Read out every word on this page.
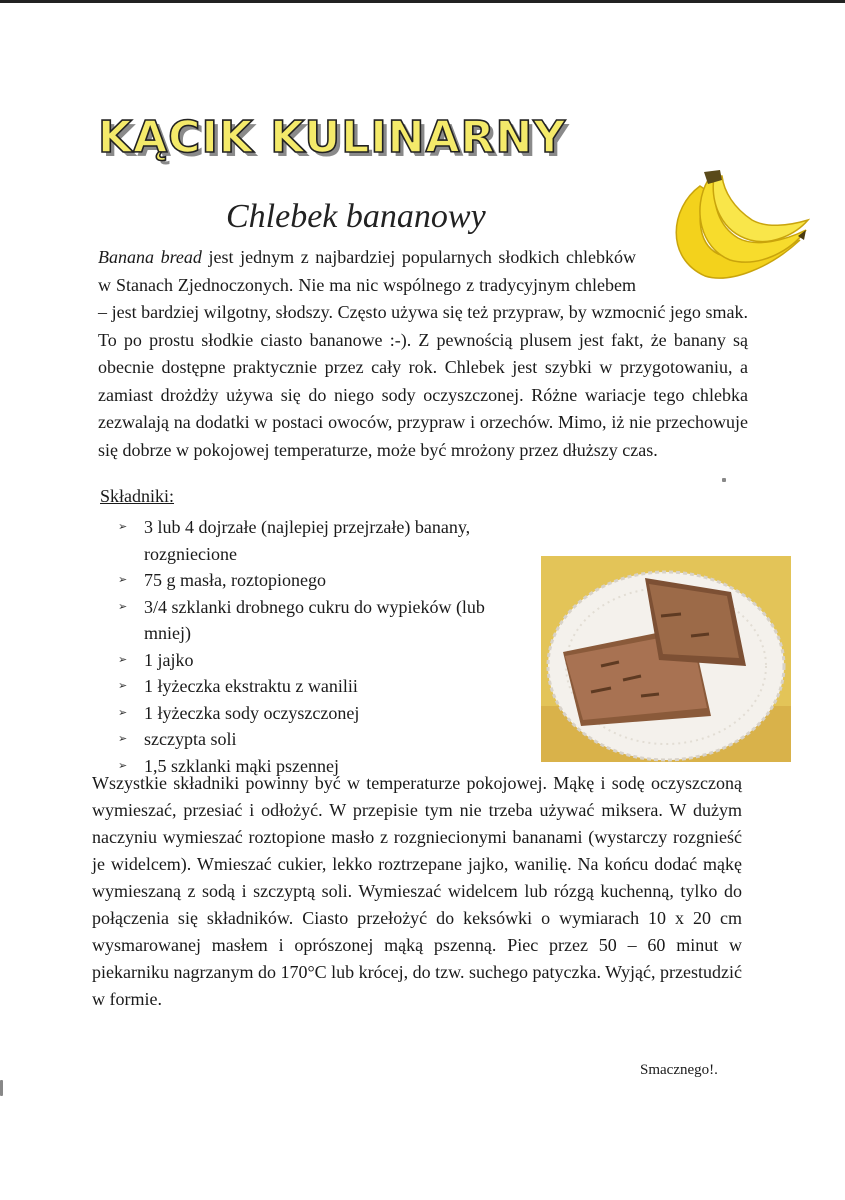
KĄCIK KULINARNY
Chlebek bananowy

Banana bread jest jednym z najbardziej popularnych słodkich chlebków w Stanach Zjednoczonych. Nie ma nic wspólnego z tradycyjnym chlebem – jest bardziej wilgotny, słodszy. Często używa się też przypraw, by wzmocnić jego smak. To po prostu słodkie ciasto bananowe :-). Z pewnością plusem jest fakt, że banany są obecnie dostępne praktycznie przez cały rok. Chlebek jest szybki w przygotowaniu, a zamiast drożdży używa się do niego sody oczyszczonej. Różne wariacje tego chlebka zezwalają na dodatki w postaci owoców, przypraw i orzechów. Mimo, iż nie przechowuje się dobrze w pokojowej temperaturze, może być mrożony przez dłuższy czas.

Składniki:
➢ 3 lub 4 dojrzałe (najlepiej przejrzałe) banany, rozgniecione
➢ 75 g masła, roztopionego
➢ 3/4 szklanki drobnego cukru do wypieków (lub mniej)
➢ 1 jajko
➢ 1 łyżeczka ekstraktu z wanilii
➢ 1 łyżeczka sody oczyszczonej
➢ szczypta soli
➢ 1,5 szklanki mąki pszennej

Wszystkie składniki powinny być w temperaturze pokojowej. Mąkę i sodę oczyszczoną wymieszać, przesiać i odłożyć. W przepisie tym nie trzeba używać miksera. W dużym naczyniu wymieszać roztopione masło z rozgniecionymi bananami (wystarczy rozgnieść je widelcem). Wmieszać cukier, lekko roztrzepane jajko, wanilię. Na końcu dodać mąkę wymieszaną z sodą i szczyptą soli. Wymieszać widelcem lub rózgą kuchenną, tylko do połączenia się składników. Ciasto przełożyć do keksówki o wymiarach 10 x 20 cm wysmarowanej masłem i oprószonej mąką pszenną. Piec przez 50 – 60 minut w piekarniku nagrzanym do 170°C lub krócej, do tzw. suchego patyczka. Wyjąć, przestudzić w formie.

Smacznego!.
